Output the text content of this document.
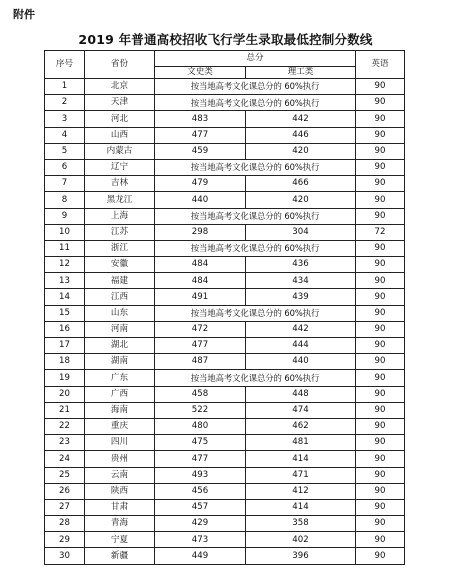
附件
2019 年普通高校招收飞行学生录取最低控制分数线
序号	省份	总分		英语
		文史类	理工类	
1	北京	按当地高考文化课总分的 60%执行		90
2	天津	按当地高考文化课总分的 60%执行		90
3	河北	483	442	90
4	山西	477	446	90
5	内蒙古	459	420	90
6	辽宁	按当地高考文化课总分的 60%执行		90
7	吉林	479	466	90
8	黑龙江	440	420	90
9	上海	按当地高考文化课总分的 60%执行		90
10	江苏	298	304	72
11	浙江	按当地高考文化课总分的 60%执行		90
12	安徽	484	436	90
13	福建	484	434	90
14	江西	491	439	90
15	山东	按当地高考文化课总分的 60%执行		90
16	河南	472	442	90
17	湖北	477	444	90
18	湖南	487	440	90
19	广东	按当地高考文化课总分的 60%执行		90
20	广西	458	448	90
21	海南	522	474	90
22	重庆	480	462	90
23	四川	475	481	90
24	贵州	477	414	90
25	云南	493	471	90
26	陕西	456	412	90
27	甘肃	457	414	90
28	青海	429	358	90
29	宁夏	473	402	90
30	新疆	449	396	90
